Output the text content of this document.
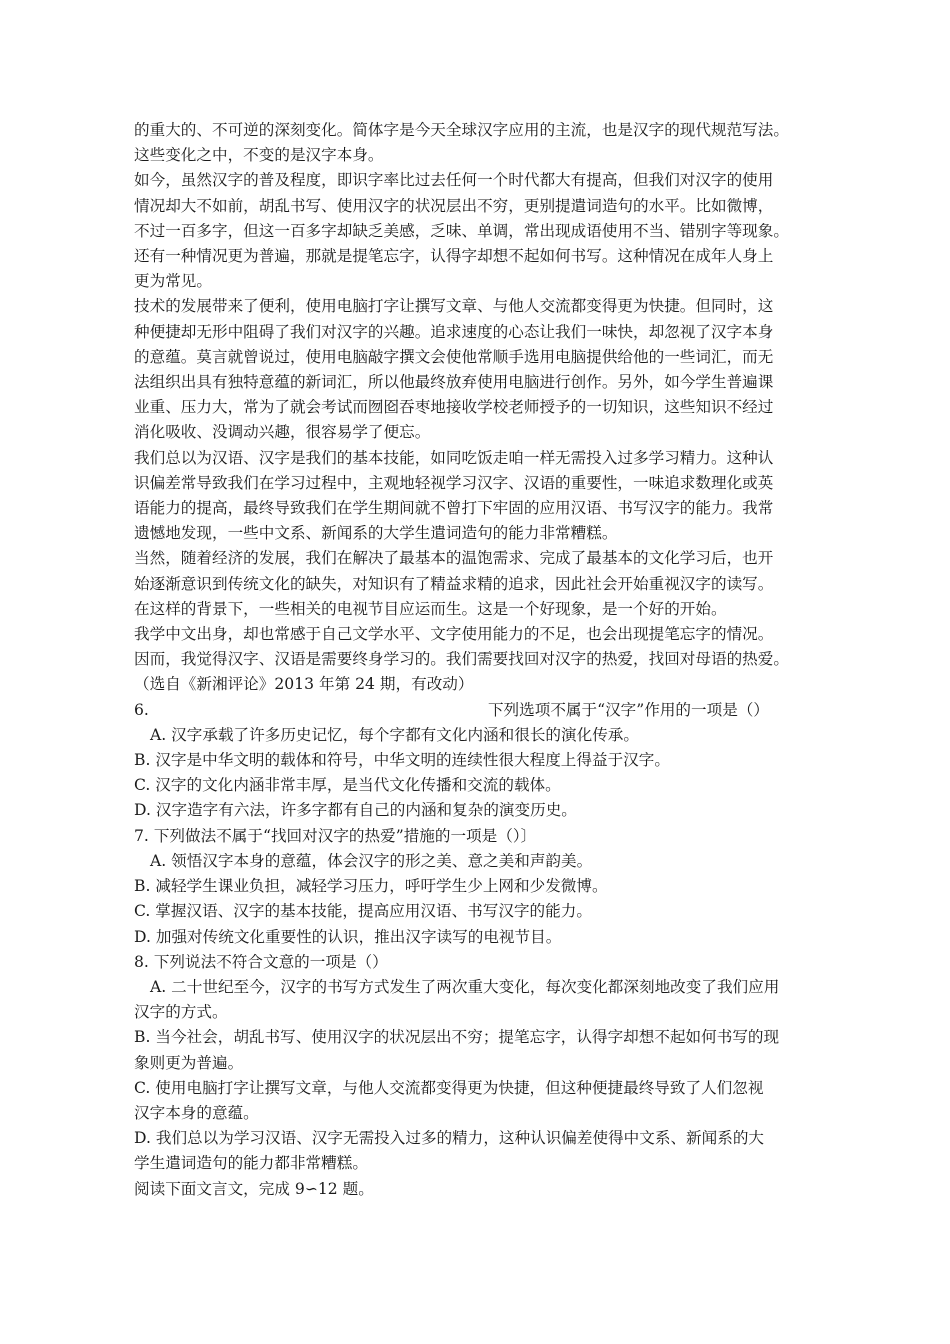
的重大的、不可逆的深刻变化。简体字是今天全球汉字应用的主流，也是汉字的现代规范写法。
这些变化之中，不变的是汉字本身。

如今，虽然汉字的普及程度，即识字率比过去任何一个时代都大有提高，但我们对汉字的使用
情况却大不如前，胡乱书写、使用汉字的状况层出不穷，更别提遣词造句的水平。比如微博，
不过一百多字，但这一百多字却缺乏美感，乏味、单调，常出现成语使用不当、错别字等现象。
还有一种情况更为普遍，那就是提笔忘字，认得字却想不起如何书写。这种情况在成年人身上
更为常见。

技术的发展带来了便利，使用电脑打字让撰写文章、与他人交流都变得更为快捷。但同时，这
种便捷却无形中阻碍了我们对汉字的兴趣。追求速度的心态让我们一味快，却忽视了汉字本身
的意蕴。莫言就曾说过，使用电脑敲字撰文会使他常顺手选用电脑提供给他的一些词汇，而无
法组织出具有独特意蕴的新词汇，所以他最终放弃使用电脑进行创作。另外，如今学生普遍课
业重、压力大，常为了就会考试而囫囵吞枣地接收学校老师授予的一切知识，这些知识不经过
消化吸收、没调动兴趣，很容易学了便忘。

我们总以为汉语、汉字是我们的基本技能，如同吃饭走咱一样无需投入过多学习精力。这种认
识偏差常导致我们在学习过程中，主观地轻视学习汉字、汉语的重要性，一味追求数理化或英
语能力的提高，最终导致我们在学生期间就不曾打下牢固的应用汉语、书写汉字的能力。我常
遗憾地发现，一些中文系、新闻系的大学生遣词造句的能力非常糟糕。

当然，随着经济的发展，我们在解决了最基本的温饱需求、完成了最基本的文化学习后，也开
始逐渐意识到传统文化的缺失，对知识有了精益求精的追求，因此社会开始重视汉字的读写。
在这样的背景下，一些相关的电视节目应运而生。这是一个好现象，是一个好的开始。

我学中文出身，却也常感于自己文学水平、文字使用能力的不足，也会出现提笔忘字的情况。
因而，我觉得汉字、汉语是需要终身学习的。我们需要找回对汉字的热爱，找回对母语的热爱。

（选自《新湘评论》2013 年第 24 期，有改动）

6.	下列选项不属于“汉字”作用的一项是（）
A. 汉字承载了许多历史记忆，每个字都有文化内涵和很长的演化传承。
B. 汉字是中华文明的载体和符号，中华文明的连续性很大程度上得益于汉字。
C. 汉字的文化内涵非常丰厚，是当代文化传播和交流的载体。
D. 汉字造字有六法，许多字都有自己的内涵和复杂的演变历史。
7. 下列做法不属于“找回对汉字的热爱”措施的一项是（）〕
A. 领悟汉字本身的意蕴，体会汉字的形之美、意之美和声韵美。
B. 减轻学生课业负担，减轻学习压力，呼吁学生少上网和少发微博。
C. 掌握汉语、汉字的基本技能，提高应用汉语、书写汉字的能力。
D. 加强对传统文化重要性的认识，推出汉字读写的电视节目。
8. 下列说法不符合文意的一项是（）

A. 二十世纪至今，汉字的书写方式发生了两次重大变化，每次变化都深刻地改变了我们应用
汉字的方式。

B. 当今社会，胡乱书写、使用汉字的状况层出不穷；提笔忘字，认得字却想不起如何书写的现
象则更为普遍。

C. 使用电脑打字让撰写文章，与他人交流都变得更为快捷，但这种便捷最终导致了人们忽视
汉字本身的意蕴。

D. 我们总以为学习汉语、汉字无需投入过多的精力，这种认识偏差使得中文系、新闻系的大
学生遣词造句的能力都非常糟糕。

阅读下面文言文，完成 9∽12 题。
